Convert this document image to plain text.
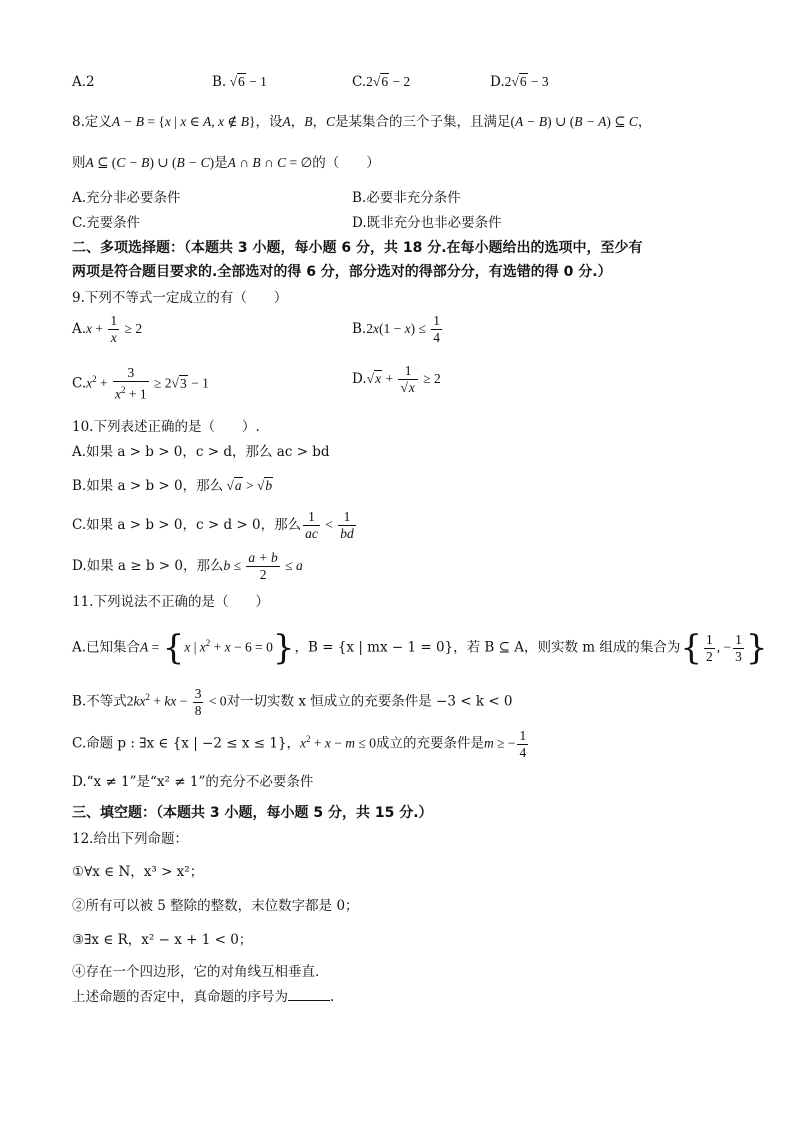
A.2	B. √6 − 1	C.2√6 − 2	D.2√6 − 3
8.定义A − B = {x | x ∈ A, x ∉ B}，设A，B，C是某集合的三个子集，且满足(A − B) ∪ (B − A) ⊆ C，
则A ⊆ (C − B) ∪ (B − C)是A ∩ B ∩ C = ∅的（　　）
A.充分非必要条件	B.必要非充分条件
C.充要条件	D.既非充分也非必要条件
二、多项选择题：（本题共 3 小题，每小题 6 分，共 18 分.在每小题给出的选项中，至少有
两项是符合题目要求的.全部选对的得 6 分，部分选对的得部分分，有选错的得 0 分.）
9.下列不等式一定成立的有（　　）
$A.x + \frac{1}{x} \ge 2$	$B.2x(1 - x) \le \frac{1}{4}$
$C.x^2 + \frac{3}{x^2 + 1} \ge 2√3 - 1$	$D.√x + \frac{1}{√x} \ge 2$
10.下列表述正确的是（　　）.
A.如果 a > b > 0，c > d，那么 ac > bd
B.如果 a > b > 0，那么 √a > √b
C.如果 a > b > 0，c > d > 0，那么 $\frac{1}{ac} < \frac{1}{bd}$
D.如果 a ≥ b > 0，那么$b \le \frac{a + b}{2} \le a$
11.下列说法不正确的是（　　）
A.已知集合A = {x | $x^2 + x - 6 = 0$}，B = {x | mx − 1 = 0}，若 B ⊆ A，则实数 m 组成的集合为{ $\frac{1}{2}$ , − $\frac{1}{3}$ }
B.不等式$2kx^2$ + kx − $\frac{3}{8} < 0$对一切实数 x 恒成立的充要条件是 −3 < k < 0
C.命题 p : ∃x ∈ {x | −2 ≤ x ≤ 1}，$x^2 + x - m \le 0$成立的充要条件是m ≥ − $\frac{1}{4}$
D.“x ≠ 1”是“x² ≠ 1”的充分不必要条件
三、填空题：（本题共 3 小题，每小题 5 分，共 15 分.）
12.给出下列命题：
①∀x ∈ N，x³ > x²；
②所有可以被 5 整除的整数，末位数字都是 0；
③∃x ∈ R，x² − x + 1 < 0；
④存在一个四边形，它的对角线互相垂直.
上述命题的否定中，真命题的序号为	.
